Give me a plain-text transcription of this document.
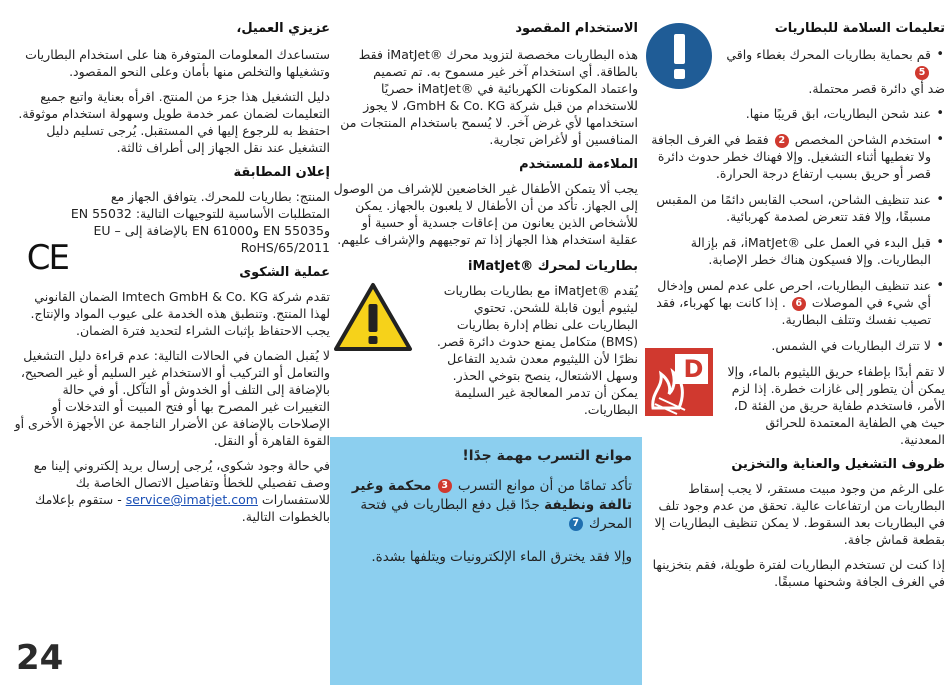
تعليمات السلامة للبطاريات
• قم بحماية بطاريات المحرك بغطاء واقي 5

ضد أي دائرة قصر محتملة.

• عند شحن البطاريات، ابق قريبًا منها.
• استخدم الشاحن المخصص 2 فقط في الغرف الجافة ولا تغطيها أثناء التشغيل. وإلا فهناك خطر حدوث دائرة قصر أو حريق بسبب ارتفاع درجة الحرارة.
• عند تنظيف الشاحن، اسحب القابس دائمًا من المقبس مسبقًا، وإلا فقد تتعرض لصدمة كهربائية.
• قبل البدء في العمل على ®iMatJet، قم بإزالة البطاريات. وإلا فسيكون هناك خطر الإصابة.
• عند تنظيف البطاريات، احرص على عدم لمس وإدخال أي شيء في الموصلات 6 . إذا كانت بها كهرباء، فقد تصيب نفسك وتتلف البطارية.
• لا تترك البطاريات في الشمس.

لا تقم أبدًا بإطفاء حريق الليثيوم بالماء، وإلا يمكن أن يتطور إلى غازات خطرة. إذا لزم الأمر، فاستخدم طفاية حريق من الفئة D، حيث هي الطفاية المعتمدة للحرائق المعدنية.

ظروف التشغيل والعناية والتخزين

على الرغم من وجود مبيت مستقر، لا يجب إسقاط البطاريات من ارتفاعات عالية. تحقق من عدم وجود تلف في البطاريات بعد السقوط. لا يمكن تنظيف البطاريات إلا بقطعة قماش جافة.

إذا كنت لن تستخدم البطاريات لفترة طويلة، فقم بتخزينها في الغرف الجافة وشحنها مسبقًا.

D
الاستخدام المقصود

هذه البطاريات مخصصة لتزويد محرك ®iMatJet فقط بالطاقة. أي استخدام آخر غير مسموح به. تم تصميم واعتماد المكونات الكهربائية في ®iMatJet حصريًا للاستخدام من قبل شركة GmbH & Co. KG، لا يجوز استخدامها لأي غرض آخر. لا يُسمح باستخدام المنتجات من المنافسين أو لأغراض تجارية.

الملاءمة للمستخدم

يجب ألا يتمكن الأطفال غير الخاضعين للإشراف من الوصول إلى الجهاز. تأكد من أن الأطفال لا يلعبون بالجهاز. يمكن للأشخاص الذين يعانون من إعاقات جسدية أو حسية أو عقلية استخدام هذا الجهاز إذا تم توجيههم والإشراف عليهم.

بطاريات لمحرك ®iMatJet

يُقدم ®iMatJet مع بطاريات بطاريات ليثيوم أيون قابلة للشحن. تحتوي البطاريات على نظام إدارة بطاريات (BMS) متكامل يمنع حدوث دائرة قصر. نظرًا لأن الليثيوم معدن شديد التفاعل وسهل الاشتعال، ينصح بتوخي الحذر. يمكن أن تدمر المعالجة غير السليمة البطاريات.

موانع التسرب مهمة جدًا!

تأكد تمامًا من أن موانع التسرب 3 محكمة وغير تالفة ونظيفة جدًا قبل دفع البطاريات في فتحة المحرك 7

وإلا فقد يخترق الماء الإلكترونيات ويتلفها بشدة.

عزيزي العميل،

ستساعدك المعلومات المتوفرة هنا على استخدام البطاريات وتشغيلها والتخلص منها بأمان وعلى النحو المقصود.

دليل التشغيل هذا جزء من المنتج. اقرأه بعناية واتبع جميع التعليمات لضمان عمر خدمة طويل وسهولة استخدام موثوقة. احتفظ به للرجوع إليها في المستقبل. يُرجى تسليم دليل التشغيل عند نقل الجهاز إلى أطراف ثالثة.

إعلان المطابقة

المنتج: بطاريات للمحرك. يتوافق الجهاز مع المتطلبات الأساسية للتوجيهات التالية: EN 55032 وEN 55035 وEN 61000 بالإضافة إلى EU – RoHS/65/2011

عملية الشكوى

تقدم شركة Imtech GmbH & Co. KG الضمان القانوني لهذا المنتج. وتنطبق هذه الخدمة على عيوب المواد والإنتاج. يجب الاحتفاظ بإثبات الشراء لتحديد فترة الضمان.

لا يُقبل الضمان في الحالات التالية: عدم قراءة دليل التشغيل والتعامل أو التركيب أو الاستخدام غير السليم أو غير الصحيح، بالإضافة إلى التلف أو الخدوش أو التآكل. أو في حالة التغييرات غير المصرح بها أو فتح المبيت أو التدخلات أو الإصلاحات بالإضافة عن الأضرار الناجمة عن الأجهزة الأخرى أو القوة القاهرة أو النقل.

في حالة وجود شكوى، يُرجى إرسال بريد إلكتروني إلينا مع وصف تفصيلي للخطأ وتفاصيل الاتصال الخاصة بك للاستفسارات service@imatjet.com - ستقوم بإعلامك بالخطوات التالية.

CE
24
